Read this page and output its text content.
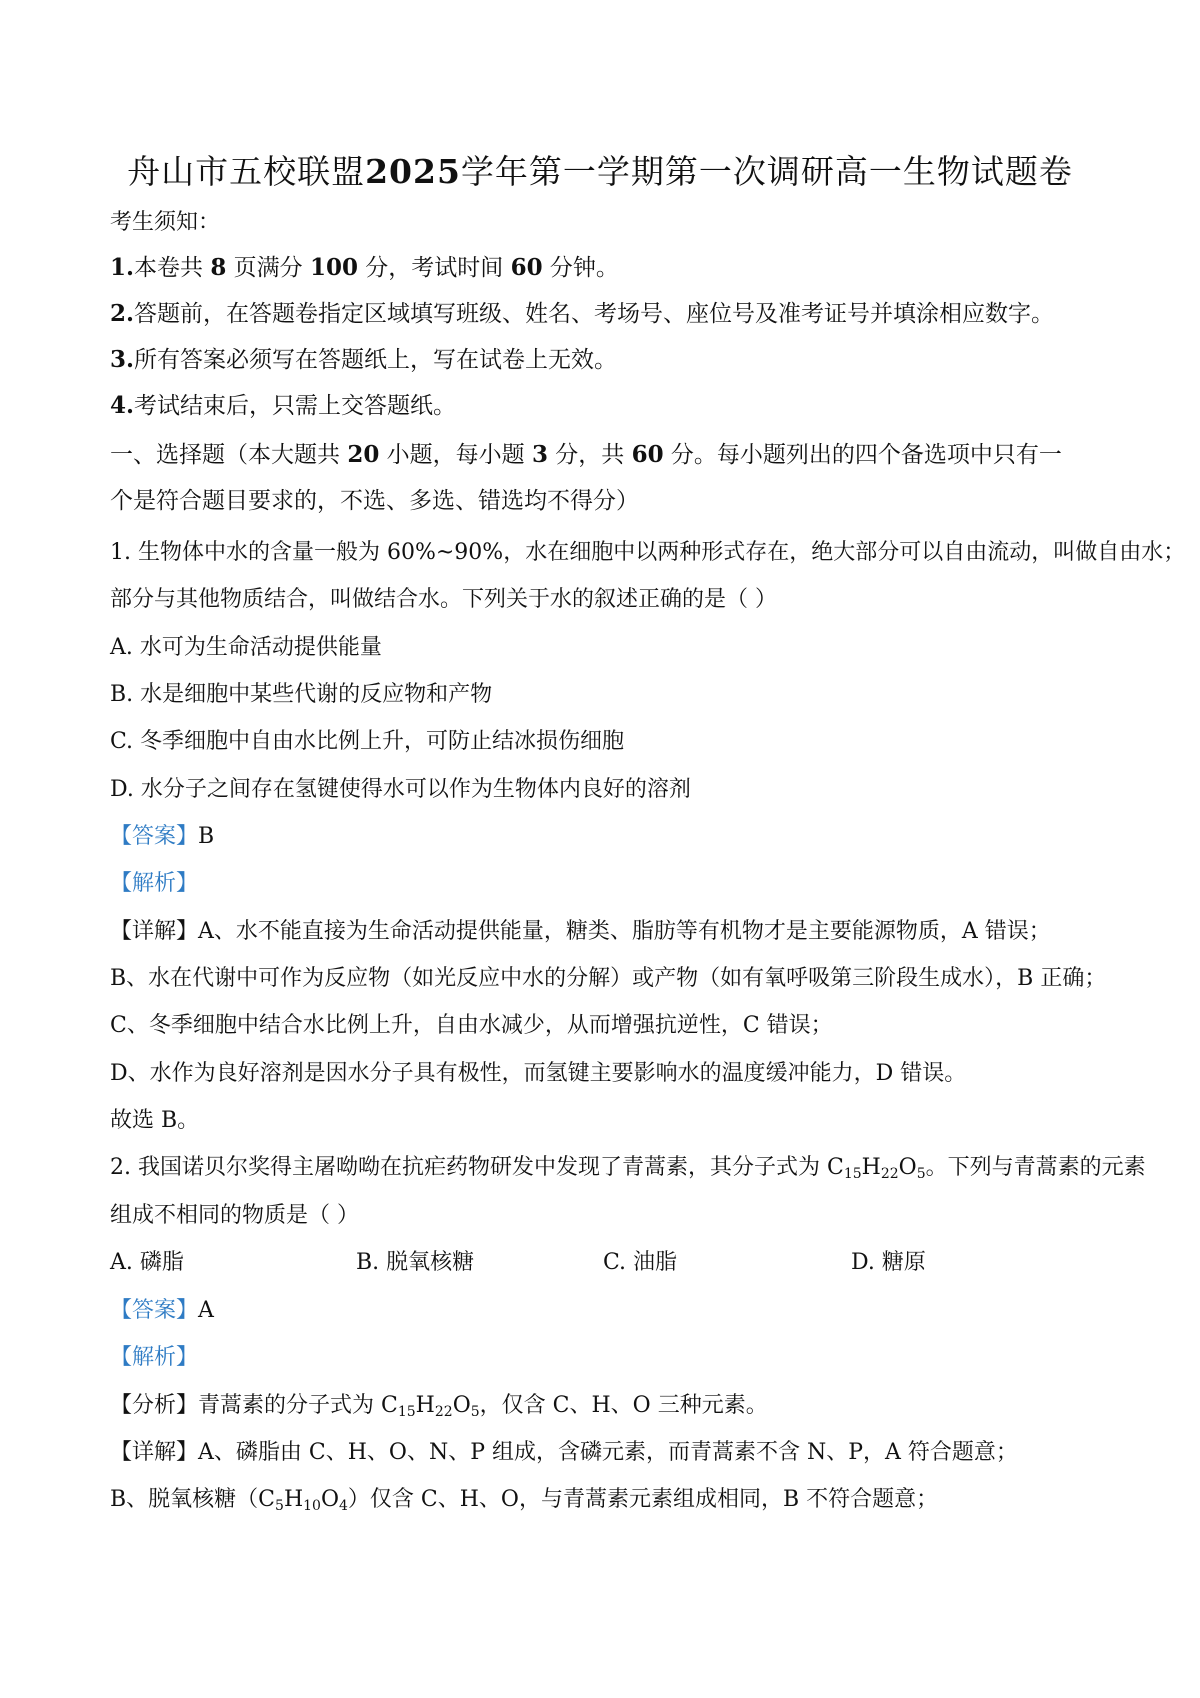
舟山市五校联盟2025学年第一学期第一次调研高一生物试题卷
考生须知：
1.本卷共 8 页满分 100 分，考试时间 60 分钟。
2.答题前，在答题卷指定区域填写班级、姓名、考场号、座位号及准考证号并填涂相应数字。
3.所有答案必须写在答题纸上，写在试卷上无效。
4.考试结束后，只需上交答题纸。
一、选择题（本大题共 20 小题，每小题 3 分，共 60 分。每小题列出的四个备选项中只有一
个是符合题目要求的，不选、多选、错选均不得分）
1. 生物体中水的含量一般为 60%~90%，水在细胞中以两种形式存在，绝大部分可以自由流动，叫做自由水；
部分与其他物质结合，叫做结合水。下列关于水的叙述正确的是（ ）
A. 水可为生命活动提供能量
B. 水是细胞中某些代谢的反应物和产物
C. 冬季细胞中自由水比例上升，可防止结冰损伤细胞
D. 水分子之间存在氢键使得水可以作为生物体内良好的溶剂
【答案】B
【解析】
【详解】A、水不能直接为生命活动提供能量，糖类、脂肪等有机物才是主要能源物质，A 错误；
B、水在代谢中可作为反应物（如光反应中水的分解）或产物（如有氧呼吸第三阶段生成水），B 正确；
C、冬季细胞中结合水比例上升，自由水减少，从而增强抗逆性，C 错误；
D、水作为良好溶剂是因水分子具有极性，而氢键主要影响水的温度缓冲能力，D 错误。
故选 B。
2. 我国诺贝尔奖得主屠呦呦在抗疟药物研发中发现了青蒿素，其分子式为 $C_{15}H_{22}O_5$。下列与青蒿素的元素
组成不相同的物质是（ ）
A. 磷脂	B. 脱氧核糖	C. 油脂	D. 糖原
【答案】A
【解析】
【分析】青蒿素的分子式为 $C_{15}H_{22}O_5$，仅含 C、H、O 三种元素。
【详解】A、磷脂由 C、H、O、N、P 组成，含磷元素，而青蒿素不含 N、P，A 符合题意；
B、脱氧核糖$(C_5H_{10}O_4)$仅含 C、H、O，与青蒿素元素组成相同，B 不符合题意；
